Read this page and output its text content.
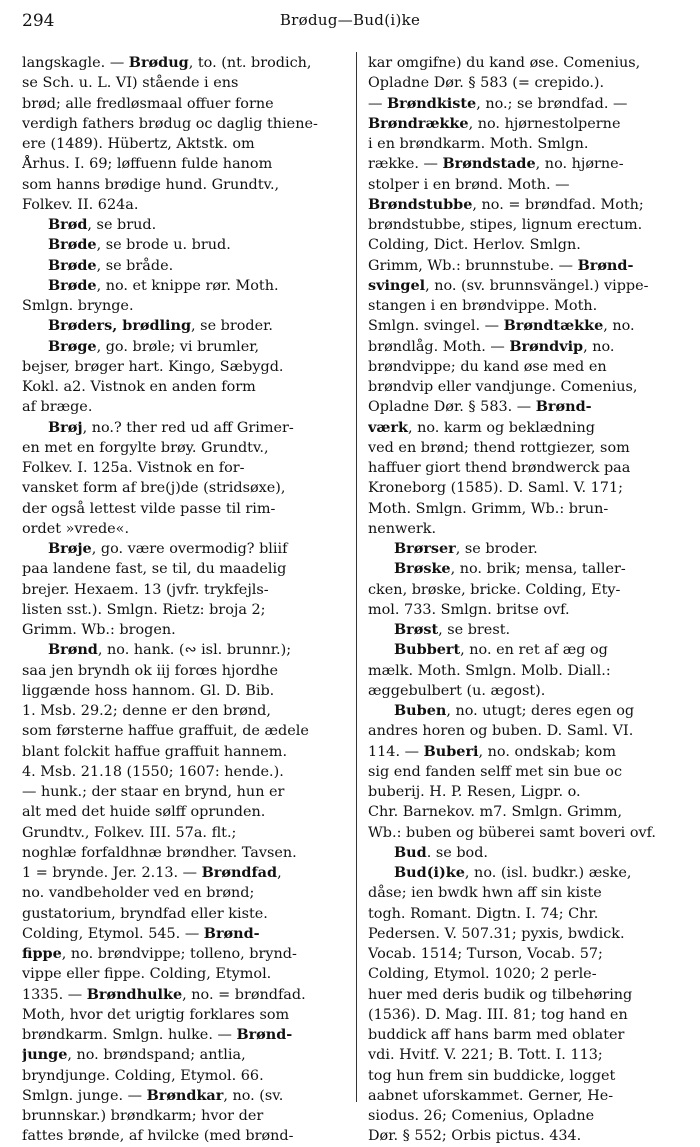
294	Brødug—Bud(i)ke
langskagle. — Brødug, to. (nt. brodich,
se Sch. u. L. VI) stående i ens
brød; alle fredløsmaal offuer forne
verdigh fathers brødug oc daglig thiene-
ere (1489). Hübertz, Aktstk. om
Århus. I. 69; løffuenn fulde hanom
som hanns brødige hund. Grundtv.,
Folkev. II. 624a.
Brød, se brud.
Brøde, se brode u. brud.
Brøde, se bråde.
Brøde, no. et knippe rør. Moth.
Smlgn. brynge.
Brøders, brødling, se broder.
Brøge, go. brøle; vi brumler,
bejser, brøger hart. Kingo, Sæbygd.
Kokl. a2. Vistnok en anden form
af bræge.
Brøj, no.? ther red ud aff Grimer-
en met en forgylte brøy. Grundtv.,
Folkev. I. 125a. Vistnok en for-
vansket form af bre(j)de (stridsøxe),
der også lettest vilde passe til rim-
ordet »vrede«.
Brøje, go. være overmodig? bliif
paa landene fast, se til, du maadelig
brejer. Hexaem. 13 (jvfr. trykfejls-
listen sst.). Smlgn. Rietz: broja 2;
Grimm. Wb.: brogen.
Brønd, no. hank. (∾ isl. brunnr.);
saa jen bryndh ok iij forœs hjordhe
liggænde hoss hannom. Gl. D. Bib.
1. Msb. 29.2; denne er den brønd,
som førsterne haffue graffuit, de ædele
blant folckit haffue graffuit hannem.
4. Msb. 21.18 (1550; 1607: hende.).
— hunk.; der staar en brynd, hun er
alt med det huide sølff oprunden.
Grundtv., Folkev. III. 57a. flt.;
noghlæ forfaldhnæ brøndher. Tavsen.
1 = brynde. Jer. 2.13. — Brøndfad,
no. vandbeholder ved en brønd;
gustatorium, bryndfad eller kiste.
Colding, Etymol. 545. — Brønd-
fippe, no. brøndvippe; tolleno, brynd-
vippe eller fippe. Colding, Etymol.
1335. — Brøndhulke, no. = brøndfad.
Moth, hvor det urigtig forklares som
brøndkarm. Smlgn. hulke. — Brønd-
junge, no. brøndspand; antlia,
bryndjunge. Colding, Etymol. 66.
Smlgn. junge. — Brøndkar, no. (sv.
brunnskar.) brøndkarm; hvor der
fattes brønde, af hvilcke (med brønd-
kar omgifne) du kand øse. Comenius,
Opladne Dør. § 583 (= crepido.).
— Brøndkiste, no.; se brøndfad. —
Brøndrække, no. hjørnestolperne
i en brøndkarm. Moth. Smlgn.
række. — Brøndstade, no. hjørne-
stolper i en brønd. Moth. —
Brøndstubbe, no. = brøndfad. Moth;
brøndstubbe, stipes, lignum erectum.
Colding, Dict. Herlov. Smlgn.
Grimm, Wb.: brunnstube. — Brønd-
svingel, no. (sv. brunnsvängel.) vippe-
stangen i en brøndvippe. Moth.
Smlgn. svingel. — Brøndtække, no.
brøndlåg. Moth. — Brøndvip, no.
brøndvippe; du kand øse med en
brøndvip eller vandjunge. Comenius,
Opladne Dør. § 583. — Brønd-
værk, no. karm og beklædning
ved en brønd; thend rottgiezer, som
haffuer giort thend brøndwerck paa
Kroneborg (1585). D. Saml. V. 171;
Moth. Smlgn. Grimm, Wb.: brun-
nenwerk.
Brørser, se broder.
Brøske, no. brik; mensa, taller-
cken, brøske, bricke. Colding, Ety-
mol. 733. Smlgn. britse ovf.
Brøst, se brest.
Bubbert, no. en ret af æg og
mælk. Moth. Smlgn. Molb. Diall.:
æggebulbert (u. ægost).
Buben, no. utugt; deres egen og
andres horen og buben. D. Saml. VI.
114. — Buberi, no. ondskab; kom
sig end fanden selff met sin bue oc
buberij. H. P. Resen, Ligpr. o.
Chr. Barnekov. m7. Smlgn. Grimm,
Wb.: buben og büberei samt boveri ovf.
Bud. se bod.
Bud(i)ke, no. (isl. budkr.) æske,
dåse; ien bwdk hwn aff sin kiste
togh. Romant. Digtn. I. 74; Chr.
Pedersen. V. 507.31; pyxis, bwdick.
Vocab. 1514; Turson, Vocab. 57;
Colding, Etymol. 1020; 2 perle-
huer med deris budik og tilbehøring
(1536). D. Mag. III. 81; tog hand en
buddick aff hans barm med oblater
vdi. Hvitf. V. 221; B. Tott. I. 113;
tog hun frem sin buddicke, logget
aabnet uforskammet. Gerner, He-
siodus. 26; Comenius, Opladne
Dør. § 552; Orbis pictus. 434.
